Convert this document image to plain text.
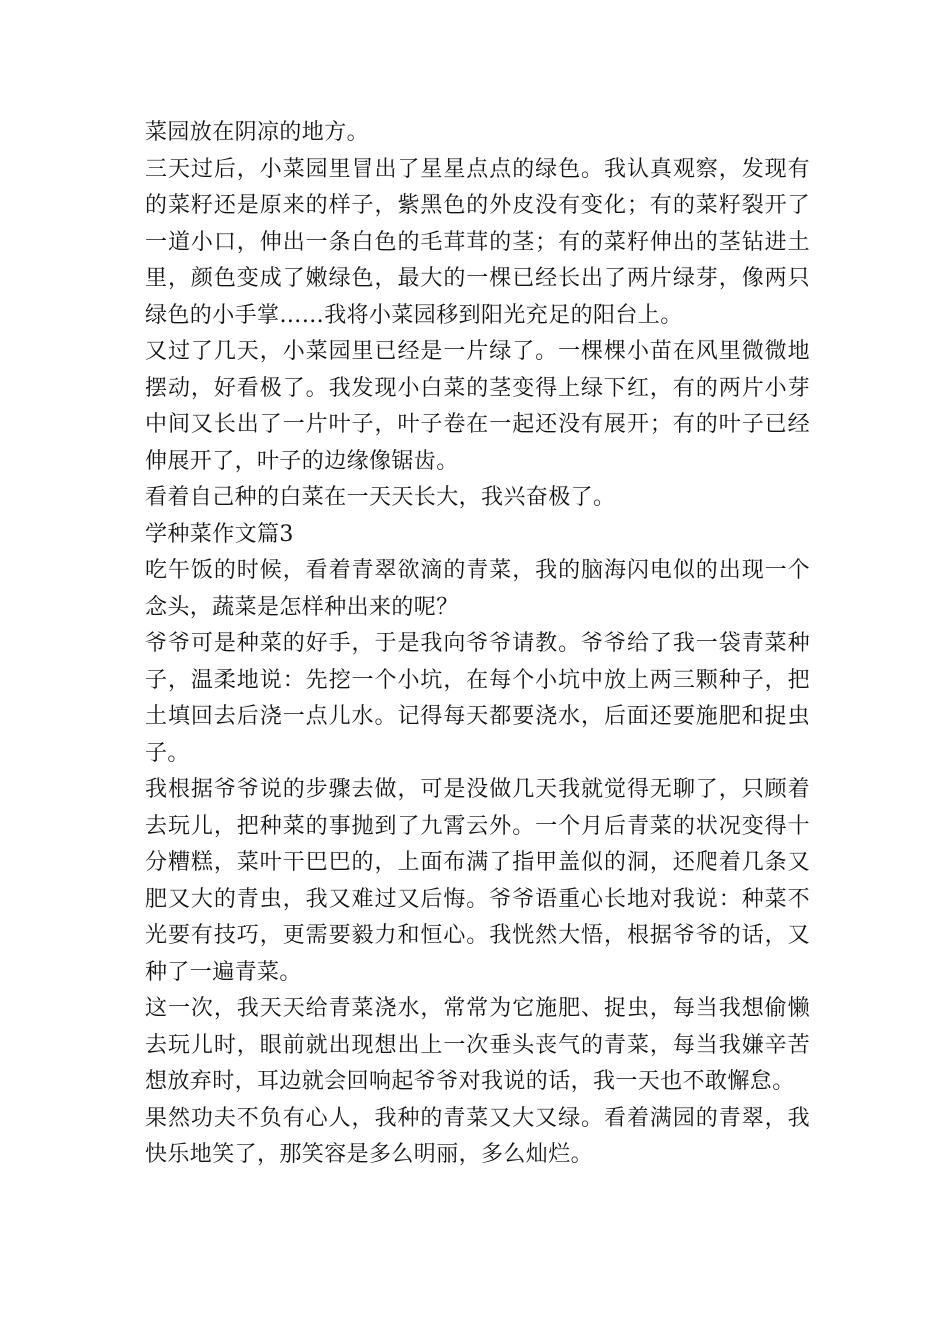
菜园放在阴凉的地方。

三天过后，小菜园里冒出了星星点点的绿色。我认真观察，发现有的菜籽还是原来的样子，紫黑色的外皮没有变化；有的菜籽裂开了一道小口，伸出一条白色的毛茸茸的茎；有的菜籽伸出的茎钻进土里，颜色变成了嫩绿色，最大的一棵已经长出了两片绿芽，像两只绿色的小手掌……我将小菜园移到阳光充足的阳台上。

又过了几天，小菜园里已经是一片绿了。一棵棵小苗在风里微微地摆动，好看极了。我发现小白菜的茎变得上绿下红，有的两片小芽中间又长出了一片叶子，叶子卷在一起还没有展开；有的叶子已经伸展开了，叶子的边缘像锯齿。

看着自己种的白菜在一天天长大，我兴奋极了。

学种菜作文篇3

吃午饭的时候，看着青翠欲滴的青菜，我的脑海闪电似的出现一个念头，蔬菜是怎样种出来的呢？

爷爷可是种菜的好手，于是我向爷爷请教。爷爷给了我一袋青菜种子，温柔地说：先挖一个小坑，在每个小坑中放上两三颗种子，把土填回去后浇一点儿水。记得每天都要浇水，后面还要施肥和捉虫子。

我根据爷爷说的步骤去做，可是没做几天我就觉得无聊了，只顾着去玩儿，把种菜的事抛到了九霄云外。一个月后青菜的状况变得十分糟糕，菜叶干巴巴的，上面布满了指甲盖似的洞，还爬着几条又肥又大的青虫，我又难过又后悔。爷爷语重心长地对我说：种菜不光要有技巧，更需要毅力和恒心。我恍然大悟，根据爷爷的话，又种了一遍青菜。

这一次，我天天给青菜浇水，常常为它施肥、捉虫，每当我想偷懒去玩儿时，眼前就出现想出上一次垂头丧气的青菜，每当我嫌辛苦想放弃时，耳边就会回响起爷爷对我说的话，我一天也不敢懈怠。

果然功夫不负有心人，我种的青菜又大又绿。看着满园的青翠，我快乐地笑了，那笑容是多么明丽，多么灿烂。
